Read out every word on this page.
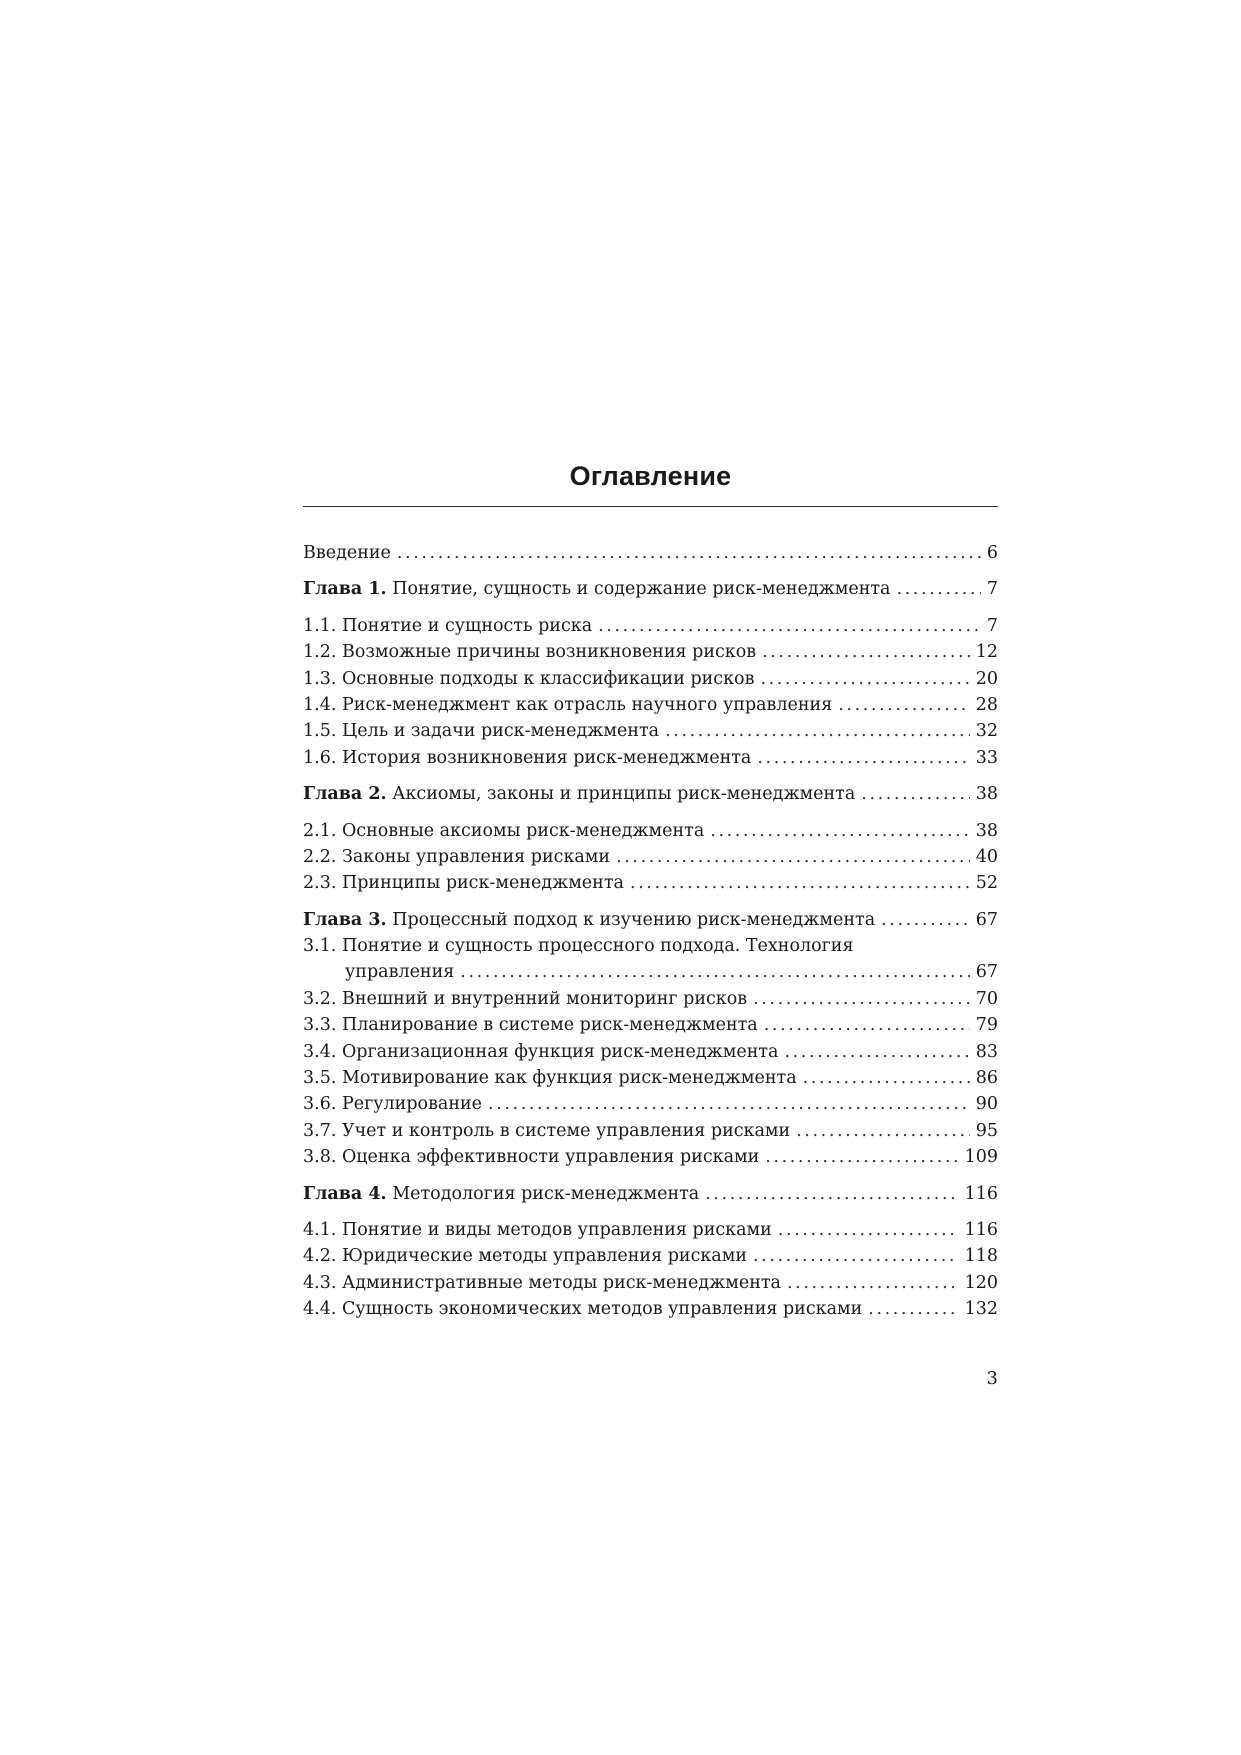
Оглавление
Введение .....	6
Глава 1. Понятие, сущность и содержание риск-менеджмента .....	7
1.1. Понятие и сущность риска .....	7
1.2. Возможные причины возникновения рисков .....	12
1.3. Основные подходы к классификации рисков .....	20
1.4. Риск-менеджмент как отрасль научного управления .....	28
1.5. Цель и задачи риск-менеджмента .....	32
1.6. История возникновения риск-менеджмента .....	33
Глава 2. Аксиомы, законы и принципы риск-менеджмента .....	38
2.1. Основные аксиомы риск-менеджмента .....	38
2.2. Законы управления рисками .....	40
2.3. Принципы риск-менеджмента .....	52
Глава 3. Процессный подход к изучению риск-менеджмента .....	67
3.1. Понятие и сущность процессного подхода. Технология
управления .....	67
3.2. Внешний и внутренний мониторинг рисков .....	70
3.3. Планирование в системе риск-менеджмента .....	79
3.4. Организационная функция риск-менеджмента .....	83
3.5. Мотивирование как функция риск-менеджмента .....	86
3.6. Регулирование .....	90
3.7. Учет и контроль в системе управления рисками .....	95
3.8. Оценка эффективности управления рисками .....	109
Глава 4. Методология риск-менеджмента .....	116
4.1. Понятие и виды методов управления рисками .....	116
4.2. Юридические методы управления рисками .....	118
4.3. Административные методы риск-менеджмента .....	120
4.4. Сущность экономических методов управления рисками .....	132
3
